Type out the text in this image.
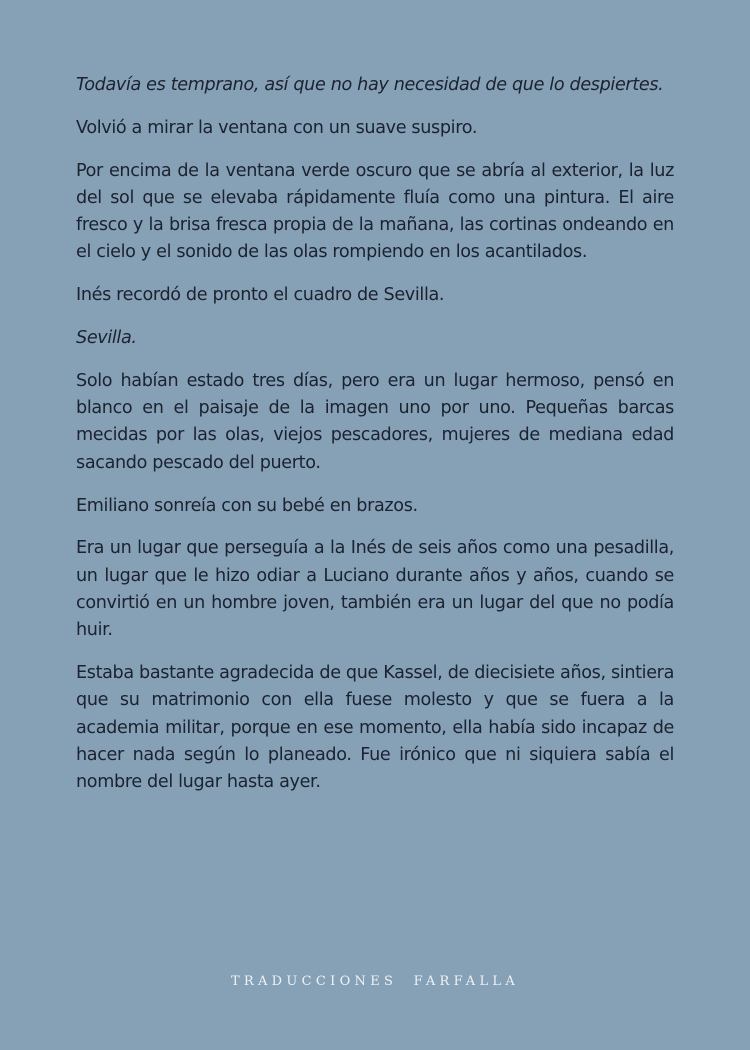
Todavía es temprano, así que no hay necesidad de que lo despiertes.

Volvió a mirar la ventana con un suave suspiro.

Por encima de la ventana verde oscuro que se abría al exterior, la luz del sol que se elevaba rápidamente fluía como una pintura. El aire fresco y la brisa fresca propia de la mañana, las cortinas ondeando en el cielo y el sonido de las olas rompiendo en los acantilados.

Inés recordó de pronto el cuadro de Sevilla.

Sevilla.

Solo habían estado tres días, pero era un lugar hermoso, pensó en blanco en el paisaje de la imagen uno por uno. Pequeñas barcas mecidas por las olas, viejos pescadores, mujeres de mediana edad sacando pescado del puerto.

Emiliano sonreía con su bebé en brazos.

Era un lugar que perseguía a la Inés de seis años como una pesadilla, un lugar que le hizo odiar a Luciano durante años y años, cuando se convirtió en un hombre joven, también era un lugar del que no podía huir.

Estaba bastante agradecida de que Kassel, de diecisiete años, sintiera que su matrimonio con ella fuese molesto y que se fuera a la academia militar, porque en ese momento, ella había sido incapaz de hacer nada según lo planeado. Fue irónico que ni siquiera sabía el nombre del lugar hasta ayer.

TRADUCCIONES FARFALLA
